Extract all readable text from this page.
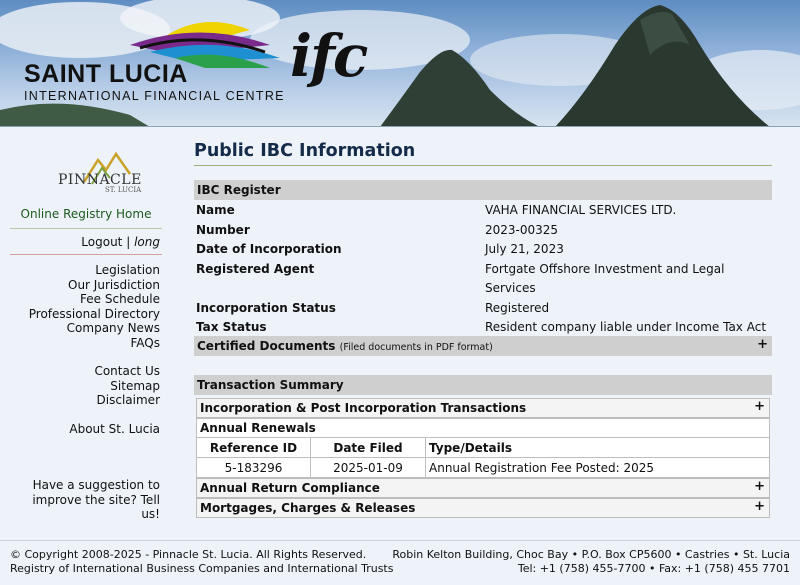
SAINT LUCIA
INTERNATIONAL FINANCIAL CENTRE
ifc
PINNACLE
ST. LUCIA
Online Registry Home
Logout | long
Legislation
Our Jurisdiction
Fee Schedule
Professional Directory
Company News
FAQs
Contact Us
Sitemap
Disclaimer
About St. Lucia
Have a suggestion to improve the site? Tell us!
Public IBC Information
IBC Register
Name	VAHA FINANCIAL SERVICES LTD.
Number	2023-00325
Date of Incorporation	July 21, 2023
Registered Agent	Fortgate Offshore Investment and Legal Services
Incorporation Status	Registered
Tax Status	Resident company liable under Income Tax Act
Certified Documents (Filed documents in PDF format)	+
Transaction Summary
Incorporation & Post Incorporation Transactions	+
Annual Renewals
Reference ID	Date Filed	Type/Details
5-183296	2025-01-09	Annual Registration Fee Posted: 2025
Annual Return Compliance	+
Mortgages, Charges & Releases	+
© Copyright 2008-2025 - Pinnacle St. Lucia. All Rights Reserved.
Registry of International Business Companies and International Trusts
Robin Kelton Building, Choc Bay • P.O. Box CP5600 • Castries • St. Lucia
Tel: +1 (758) 455-7700 • Fax: +1 (758) 455 7701
